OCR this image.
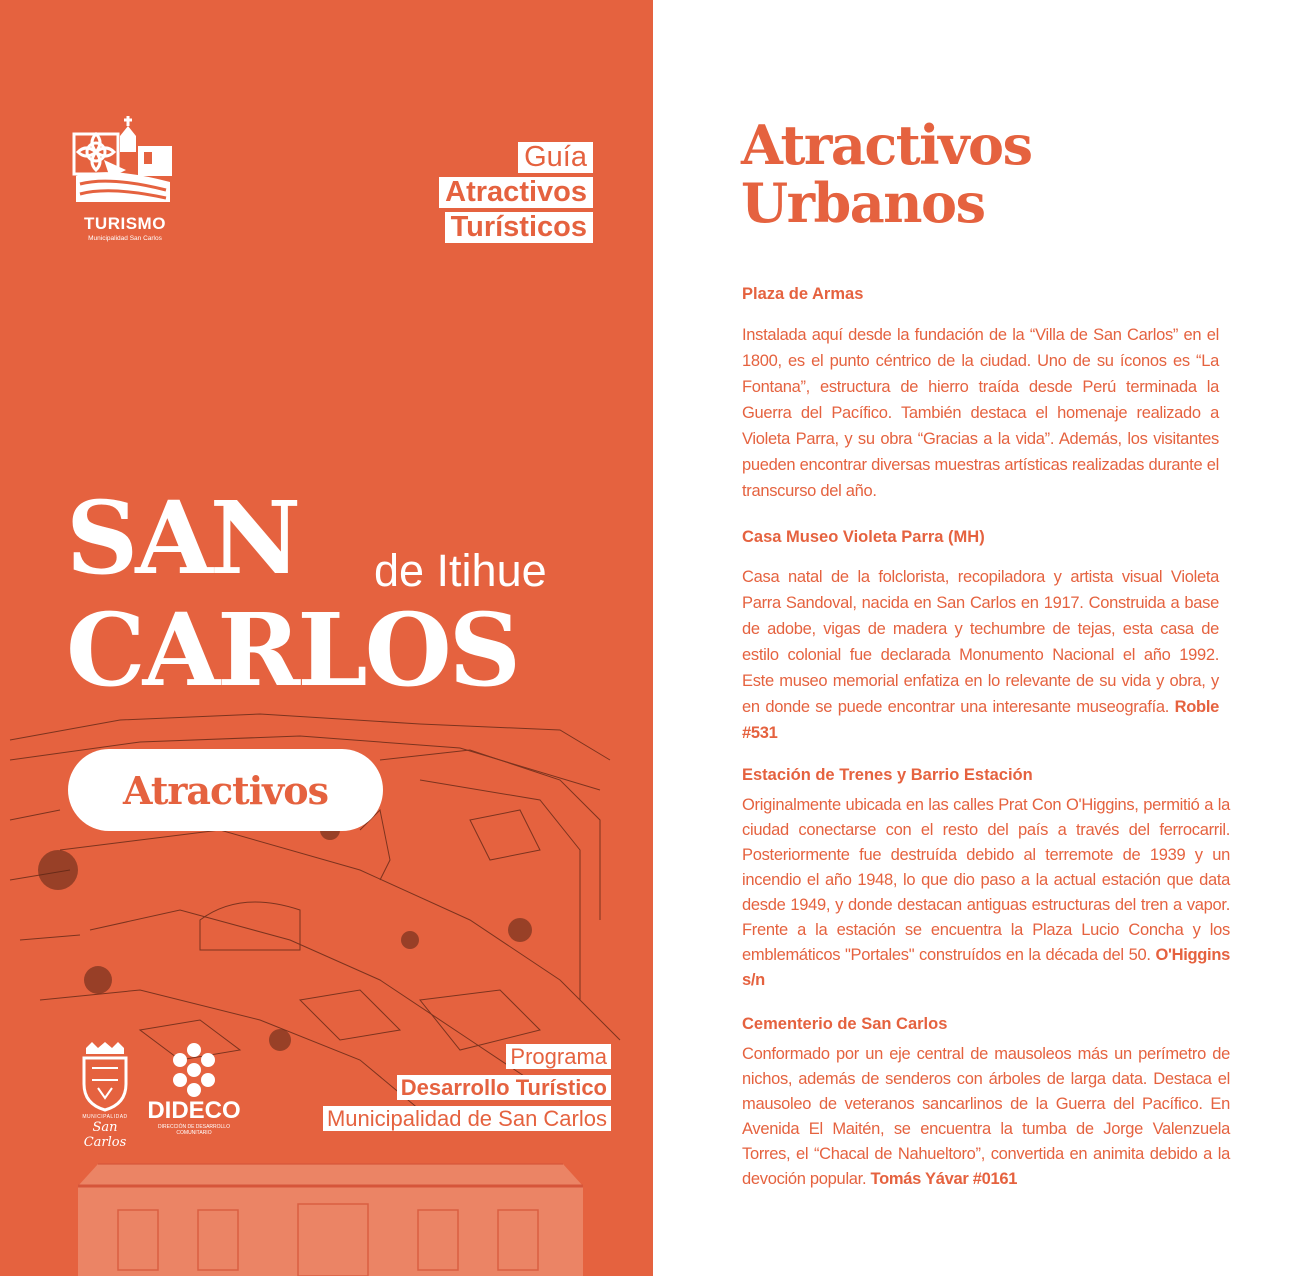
TURISMO
Municipalidad San Carlos
Guía
Atractivos
Turísticos
SAN de Itihue
CARLOS
Atractivos
MUNICIPALIDAD
San Carlos
DIDECO
DIRECCIÓN DE DESARROLLO
COMUNITARIO
Programa
Desarrollo Turístico
Municipalidad de San Carlos
Atractivos
Urbanos
Plaza de Armas

Instalada aquí desde la fundación de la “Villa de San Carlos” en el 1800, es el punto céntrico de la ciudad. Uno de su íconos es “La Fontana”, estructura de hierro traída desde Perú terminada la Guerra del Pacífico. También destaca el homenaje realizado a Violeta Parra, y su obra “Gracias a la vida”. Además, los visitantes pueden encontrar diversas muestras artísticas realizadas durante el transcurso del año.

Casa Museo Violeta Parra (MH)

Casa natal de la folclorista, recopiladora y artista visual Violeta Parra Sandoval, nacida en San Carlos en 1917. Construida a base de adobe, vigas de madera y techumbre de tejas, esta casa de estilo colonial fue declarada Monumento Nacional el año 1992. Este museo memorial enfatiza en lo relevante de su vida y obra, y en donde se puede encontrar una interesante museografía. Roble #531

Estación de Trenes y Barrio Estación

Originalmente ubicada en las calles Prat Con O'Higgins, permitió a la ciudad conectarse con el resto del país a través del ferrocarril. Posteriormente fue destruída debido al terremote de 1939 y un incendio el año 1948, lo que dio paso a la actual estación que data desde 1949, y donde destacan antiguas estructuras del tren a vapor. Frente a la estación se encuentra la Plaza Lucio Concha y los emblemáticos "Portales" construídos en la década del 50. O'Higgins s/n

Cementerio de San Carlos

Conformado por un eje central de mausoleos más un perímetro de nichos, además de senderos con árboles de larga data. Destaca el mausoleo de veteranos sancarlinos de la Guerra del Pacífico. En Avenida El Maitén, se encuentra la tumba de Jorge Valenzuela Torres, el “Chacal de Nahueltoro”, convertida en animita debido a la devoción popular. Tomás Yávar #0161
